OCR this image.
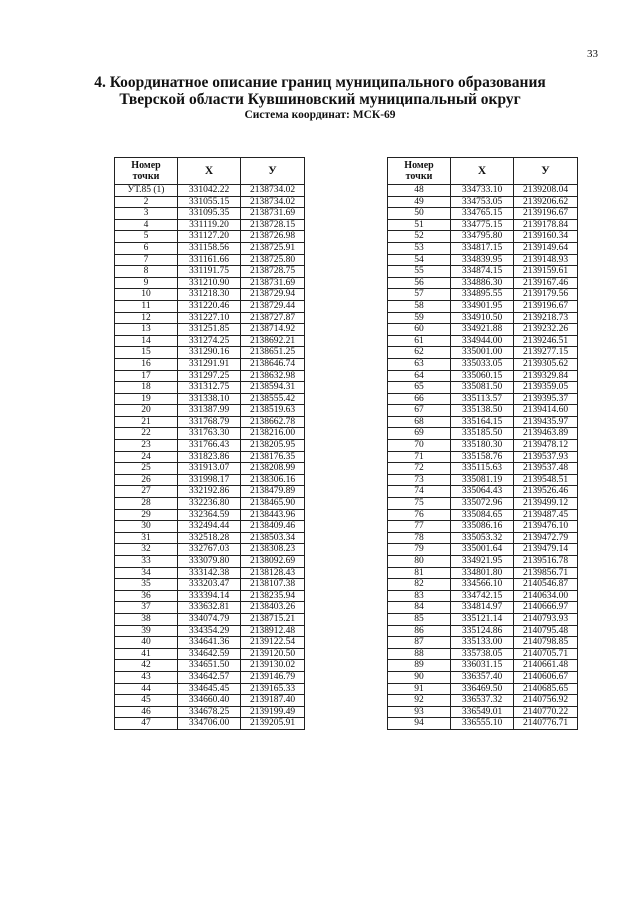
33
4. Координатное описание границ муниципального образования
Тверской области Кувшиновский муниципальный округ
Система координат: МСК-69
Номер
точки	X	У
УТ.85 (1)	331042.22	2138734.02
2	331055.15	2138734.02
3	331095.35	2138731.69
4	331119.20	2138728.15
5	331127.20	2138726.98
6	331158.56	2138725.91
7	331161.66	2138725.80
8	331191.75	2138728.75
9	331210.90	2138731.69
10	331218.30	2138729.94
11	331220.46	2138729.44
12	331227.10	2138727.87
13	331251.85	2138714.92
14	331274.25	2138692.21
15	331290.16	2138651.25
16	331291.91	2138646.74
17	331297.25	2138632.98
18	331312.75	2138594.31
19	331338.10	2138555.42
20	331387.99	2138519.63
21	331768.79	2138662.78
22	331763.30	2138216.00
23	331766.43	2138205.95
24	331823.86	2138176.35
25	331913.07	2138208.99
26	331998.17	2138306.16
27	332192.86	2138479.89
28	332236.80	2138465.90
29	332364.59	2138443.96
30	332494.44	2138409.46
31	332518.28	2138503.34
32	332767.03	2138308.23
33	333079.80	2138092.69
34	333142.38	2138128.43
35	333203.47	2138107.38
36	333394.14	2138235.94
37	333632.81	2138403.26
38	334074.79	2138715.21
39	334354.29	2138912.48
40	334641.36	2139122.54
41	334642.59	2139120.50
42	334651.50	2139130.02
43	334642.57	2139146.79
44	334645.45	2139165.33
45	334660.40	2139187.40
46	334678.25	2139199.49
47	334706.00	2139205.91
Номер
точки	X	У
48	334733.10	2139208.04
49	334753.05	2139206.62
50	334765.15	2139196.67
51	334775.15	2139178.84
52	334795.80	2139160.34
53	334817.15	2139149.64
54	334839.95	2139148.93
55	334874.15	2139159.61
56	334886.30	2139167.46
57	334895.55	2139179.56
58	334901.95	2139196.67
59	334910.50	2139218.73
60	334921.88	2139232.26
61	334944.00	2139246.51
62	335001.00	2139277.15
63	335033.05	2139305.62
64	335060.15	2139329.84
65	335081.50	2139359.05
66	335113.57	2139395.37
67	335138.50	2139414.60
68	335164.15	2139435.97
69	335185.50	2139463.89
70	335180.30	2139478.12
71	335158.76	2139537.93
72	335115.63	2139537.48
73	335081.19	2139548.51
74	335064.43	2139526.46
75	335072.96	2139499.12
76	335084.65	2139487.45
77	335086.16	2139476.10
78	335053.32	2139472.79
79	335001.64	2139479.14
80	334921.95	2139516.78
81	334801.80	2139856.71
82	334566.10	2140546.87
83	334742.15	2140634.00
84	334814.97	2140666.97
85	335121.14	2140793.93
86	335124.86	2140795.48
87	335133.00	2140798.85
88	335738.05	2140705.71
89	336031.15	2140661.48
90	336357.40	2140606.67
91	336469.50	2140685.65
92	336537.32	2140756.92
93	336549.01	2140770.22
94	336555.10	2140776.71
